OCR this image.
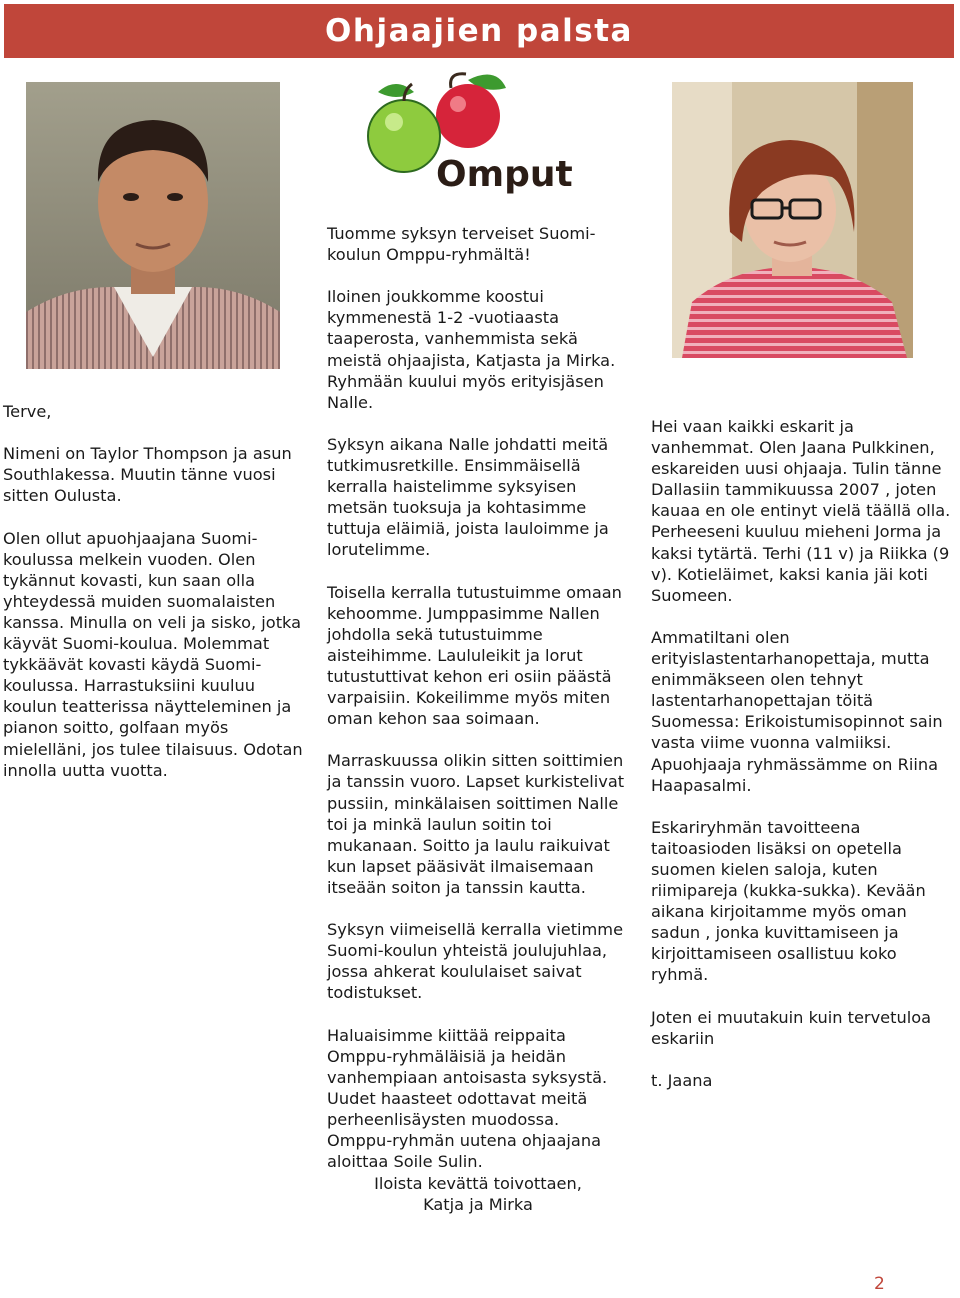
Ohjaajien palsta
Omput

Terve,

Nimeni on Taylor Thompson ja asun Southlakessa. Muutin tänne vuosi sitten Oulusta.

Olen ollut apuohjaajana Suomi-koulussa melkein vuoden. Olen tykännut kovasti, kun saan olla yhteydessä muiden suomalaisten kanssa. Minulla on veli ja sisko, jotka käyvät Suomi-koulua. Molemmat tykkäävät kovasti käydä Suomi-koulussa. Harrastuksiini kuuluu koulun teatterissa näytteleminen ja pianon soitto, golfaan myös mielelläni, jos tulee tilaisuus. Odotan innolla uutta vuotta.

Tuomme syksyn terveiset Suomi-koulun Omppu-ryhmältä!

Iloinen joukkomme koostui kymmenestä 1-2 -vuotiaasta taaperosta, vanhemmista sekä meistä ohjaajista, Katjasta ja Mirka. Ryhmään kuului myös erityisjäsen Nalle.

Syksyn aikana Nalle johdatti meitä tutkimusretkille. Ensimmäisellä kerralla haistelimme syksyisen metsän tuoksuja ja kohtasimme tuttuja eläimiä, joista lauloimme ja lorutelimme.

Toisella kerralla tutustuimme omaan kehoomme. Jumppasimme Nallen johdolla sekä tutustuimme aisteihimme. Laululeikit ja lorut tutustuttivat kehon eri osiin päästä varpaisiin. Kokeilimme myös miten oman kehon saa soimaan.

Marraskuussa olikin sitten soittimien ja tanssin vuoro. Lapset kurkistelivat pussiin, minkälaisen soittimen Nalle toi ja minkä laulun soitin toi mukanaan. Soitto ja laulu raikuivat kun lapset pääsivät ilmaisemaan itseään soiton ja tanssin kautta.

Syksyn viimeisellä kerralla vietimme Suomi-koulun yhteistä joulujuhlaa, jossa ahkerat koululaiset saivat todistukset.

Haluaisimme kiittää reippaita Omppu-ryhmäläisiä ja heidän vanhempiaan antoisasta syksystä. Uudet haasteet odottavat meitä perheenlisäysten muodossa. Omppu-ryhmän uutena ohjaajana aloittaa Soile Sulin.

Iloista kevättä toivottaen,
Katja ja Mirka

Hei vaan kaikki eskarit ja vanhemmat. Olen Jaana Pulkkinen, eskareiden uusi ohjaaja. Tulin tänne Dallasiin tammikuussa 2007 , joten kauaa en ole entinyt vielä täällä olla. Perheeseni kuuluu mieheni Jorma ja kaksi tytärtä. Terhi (11 v) ja Riikka (9 v). Kotieläimet, kaksi kania jäi koti Suomeen.

Ammatiltani olen erityislastentarhanopettaja, mutta enimmäkseen olen tehnyt lastentarhanopettajan töitä Suomessa: Erikoistumisopinnot sain vasta viime vuonna valmiiksi. Apuohjaaja ryhmässämme on Riina Haapasalmi.

Eskariryhmän tavoitteena taitoasioden lisäksi on opetella suomen kielen saloja, kuten riimipareja (kukka-sukka). Kevään aikana kirjoitamme myös oman sadun , jonka kuvittamiseen ja kirjoittamiseen osallistuu koko ryhmä.

Joten ei muutakuin kuin tervetuloa eskariin

t. Jaana

2
